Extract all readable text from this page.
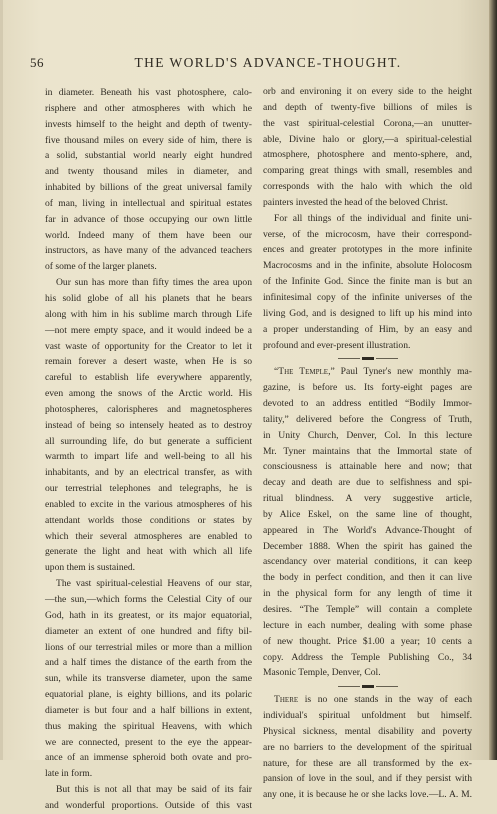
56	THE WORLD'S ADVANCE-THOUGHT.
in diameter. Beneath his vast photosphere, calo-
risphere and other atmospheres with which he
invests himself to the height and depth of twenty-
five thousand miles on every side of him, there is
a solid, substantial world nearly eight hundred
and twenty thousand miles in diameter, and
inhabited by billions of the great universal family
of man, living in intellectual and spiritual estates
far in advance of those occupying our own little
world. Indeed many of them have been our
instructors, as have many of the advanced teachers
of some of the larger planets.
Our sun has more than fifty times the area upon
his solid globe of all his planets that he bears
along with him in his sublime march through Life
—not mere empty space, and it would indeed be a
vast waste of opportunity for the Creator to let it
remain forever a desert waste, when He is so
careful to establish life everywhere apparently,
even among the snows of the Arctic world. His
photospheres, calorispheres and magnetospheres
instead of being so intensely heated as to destroy
all surrounding life, do but generate a sufficient
warmth to impart life and well-being to all his
inhabitants, and by an electrical transfer, as with
our terrestrial telephones and telegraphs, he is
enabled to excite in the various atmospheres of his
attendant worlds those conditions or states by
which their several atmospheres are enabled to
generate the light and heat with which all life
upon them is sustained.
The vast spiritual-celestial Heavens of our star,
—the sun,—which forms the Celestial City of our
God, hath in its greatest, or its major equatorial,
diameter an extent of one hundred and fifty bil-
lions of our terrestrial miles or more than a million
and a half times the distance of the earth from the
sun, while its transverse diameter, upon the same
equatorial plane, is eighty billions, and its polaric
diameter is but four and a half billions in extent,
thus making the spiritual Heavens, with which
we are connected, present to the eye the appear-
ance of an immense spheroid both ovate and pro-
late in form.
But this is not all that may be said of its fair
and wonderful proportions. Outside of this vast
orb and environing it on every side to the height
and depth of twenty-five billions of miles is
the vast spiritual-celestial Corona,—an unutter-
able, Divine halo or glory,—a spiritual-celestial
atmosphere, photosphere and mento-sphere, and,
comparing great things with small, resembles and
corresponds with the halo with which the old
painters invested the head of the beloved Christ.
For all things of the individual and finite uni-
verse, of the microcosm, have their correspond-
ences and greater prototypes in the more infinite
Macrocosms and in the infinite, absolute Holocosm
of the Infinite God. Since the finite man is but an
infinitesimal copy of the infinite universes of the
living God, and is designed to lift up his mind into
a proper understanding of Him, by an easy and
profound and ever-present illustration.
“The Temple,” Paul Tyner's new monthly ma-
gazine, is before us. Its forty-eight pages are
devoted to an address entitled “Bodily Immor-
tality,” delivered before the Congress of Truth,
in Unity Church, Denver, Col. In this lecture
Mr. Tyner maintains that the Immortal state of
consciousness is attainable here and now; that
decay and death are due to selfishness and spi-
ritual blindness. A very suggestive article,
by Alice Eskel, on the same line of thought,
appeared in The World's Advance-Thought of
December 1888. When the spirit has gained the
ascendancy over material conditions, it can keep
the body in perfect condition, and then it can live
in the physical form for any length of time it
desires. “The Temple” will contain a complete
lecture in each number, dealing with some phase
of new thought. Price $1.00 a year; 10 cents a
copy. Address the Temple Publishing Co., 34
Masonic Temple, Denver, Col.
There is no one stands in the way of each
individual's spiritual unfoldment but himself.
Physical sickness, mental disability and poverty
are no barriers to the development of the spiritual
nature, for these are all transformed by the ex-
pansion of love in the soul, and if they persist with
any one, it is because he or she lacks love.—L. A. M.
